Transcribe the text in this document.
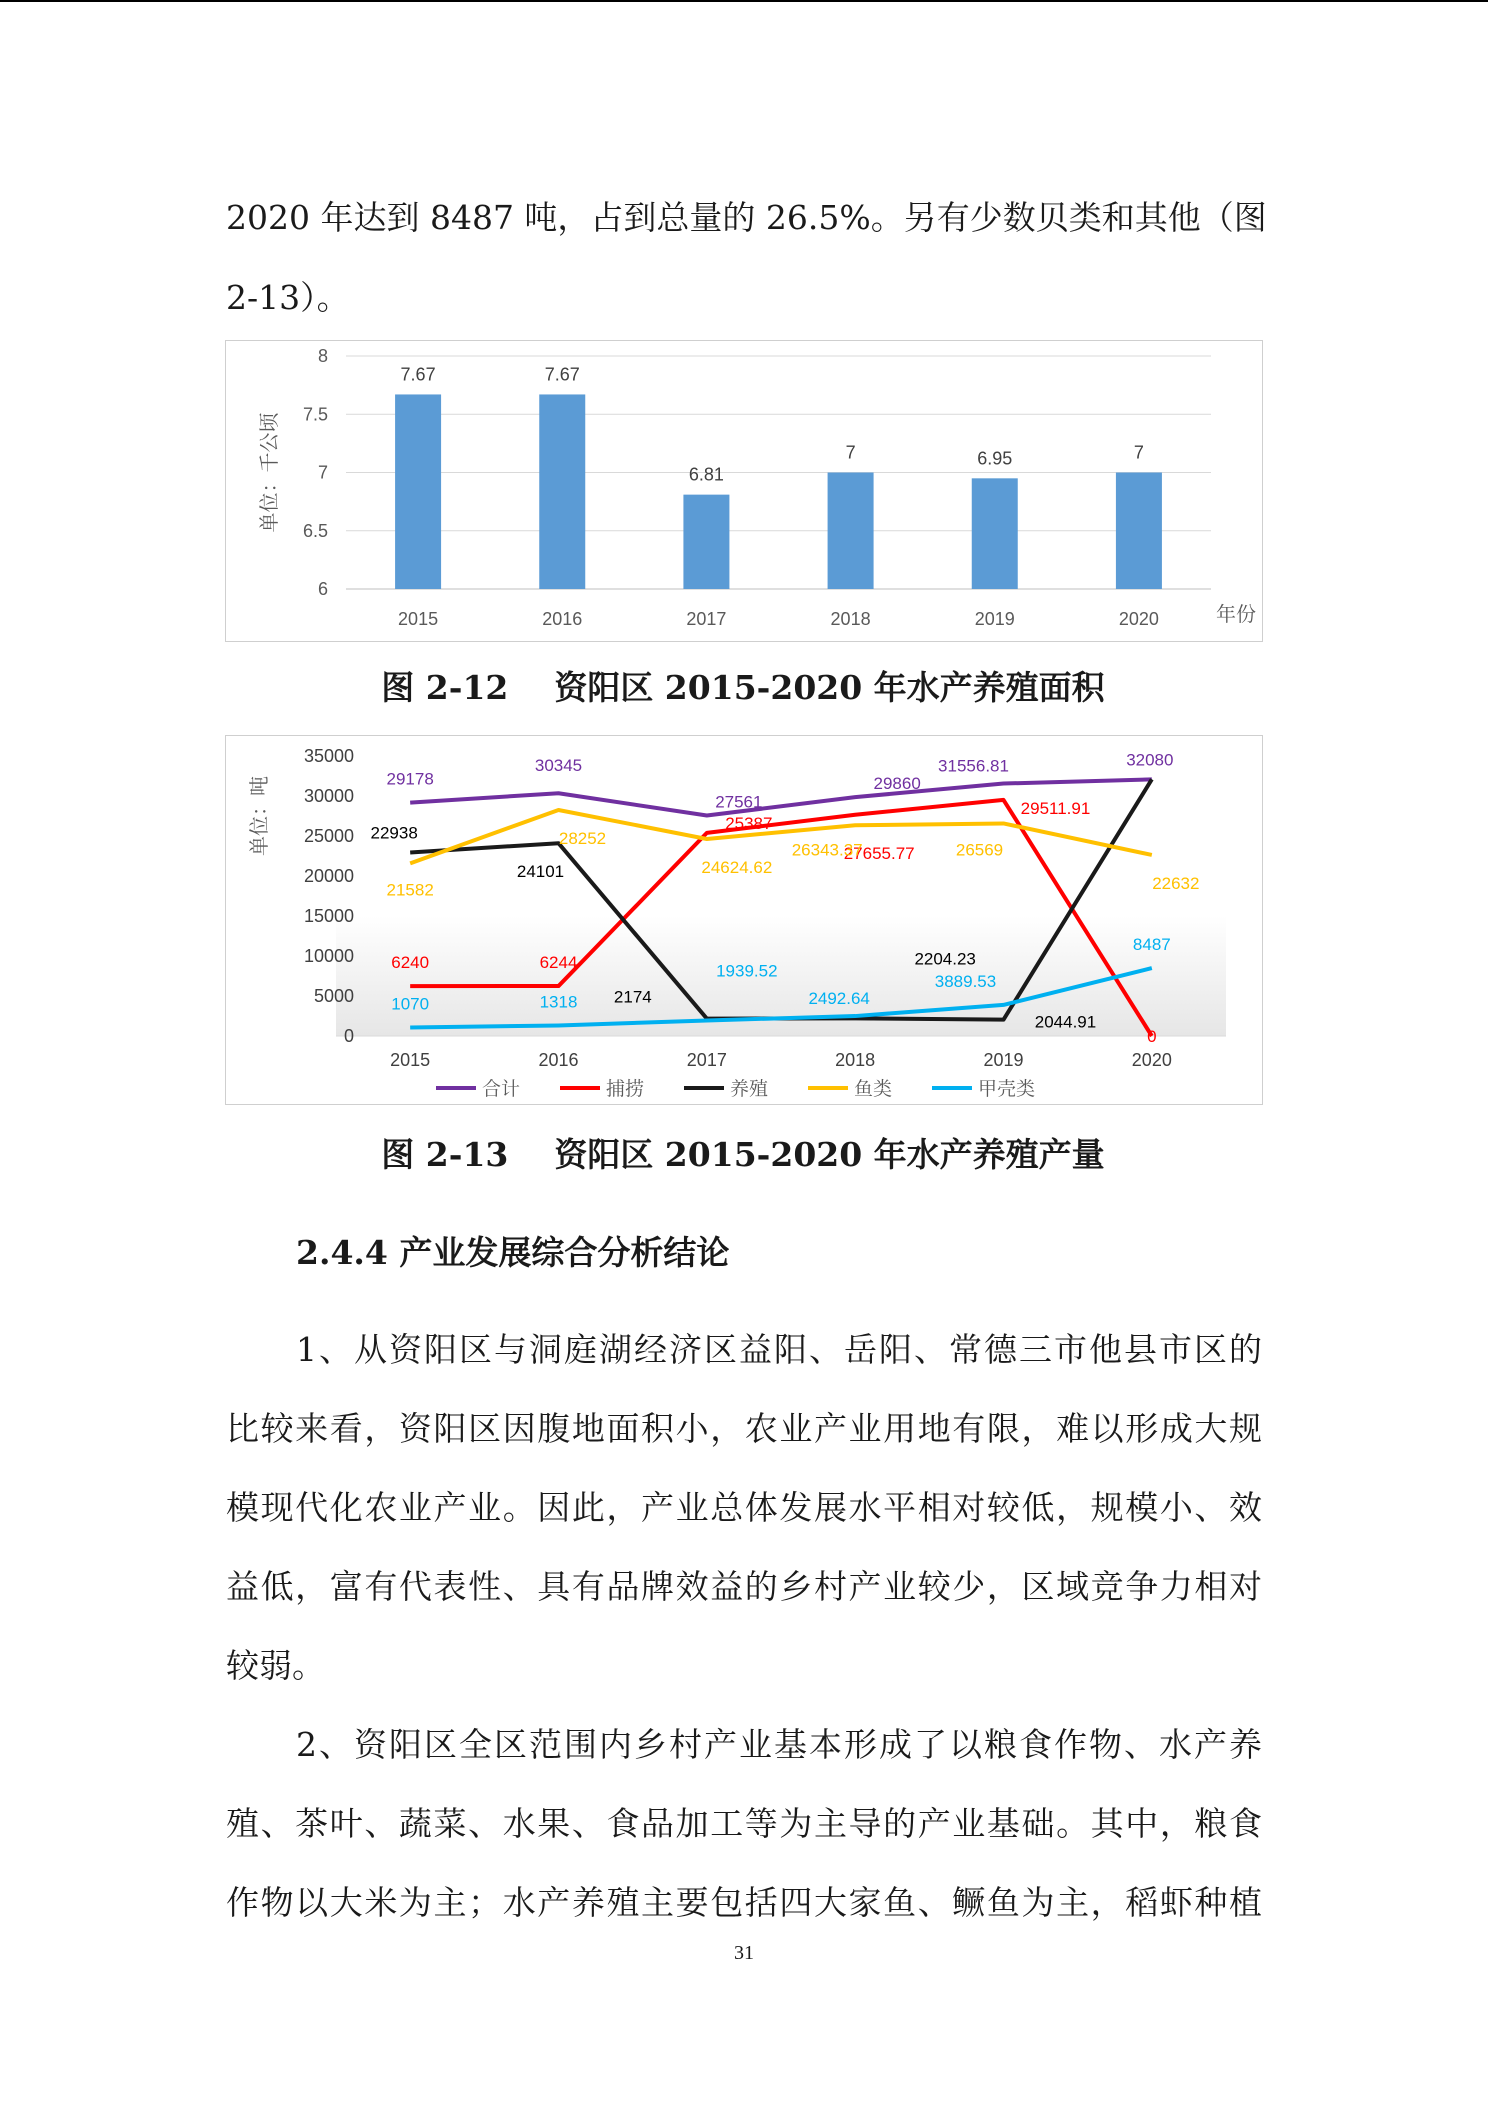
2020 年达到 8487 吨，占到总量的 26.5%。另有少数贝类和其他（图
2-13）。
6
6.5
7
7.5
8
7.67
2015
7.67
2016
6.81
2017
7
2018
6.95
2019
7
2020
单位：千公顷
年份
图 2-12    资阳区 2015-2020 年水产养殖面积
0
5000
10000
15000
20000
25000
30000
35000
2015	2016	2017	2018	2019	2020
单位：吨	29178
30345
27561
29860
31556.81	32080
6240	6244
25387
27655.77
29511.91
0
22938
24101
2174
2204.23
2044.91
21582
28252
24624.62
26343.37	26569
22632
1070	1318
1939.52
2492.64
3889.53
8487
合计	捕捞	养殖	鱼类	甲壳类
图 2-13    资阳区 2015-2020 年水产养殖产量
2.4.4 产业发展综合分析结论
1、从资阳区与洞庭湖经济区益阳、岳阳、常德三市他县市区的
比较来看，资阳区因腹地面积小，农业产业用地有限，难以形成大规
模现代化农业产业。因此，产业总体发展水平相对较低，规模小、效
益低，富有代表性、具有品牌效益的乡村产业较少，区域竞争力相对
较弱。
2、资阳区全区范围内乡村产业基本形成了以粮食作物、水产养
殖、茶叶、蔬菜、水果、食品加工等为主导的产业基础。其中，粮食
作物以大米为主；水产养殖主要包括四大家鱼、鳜鱼为主，稻虾种植
31
